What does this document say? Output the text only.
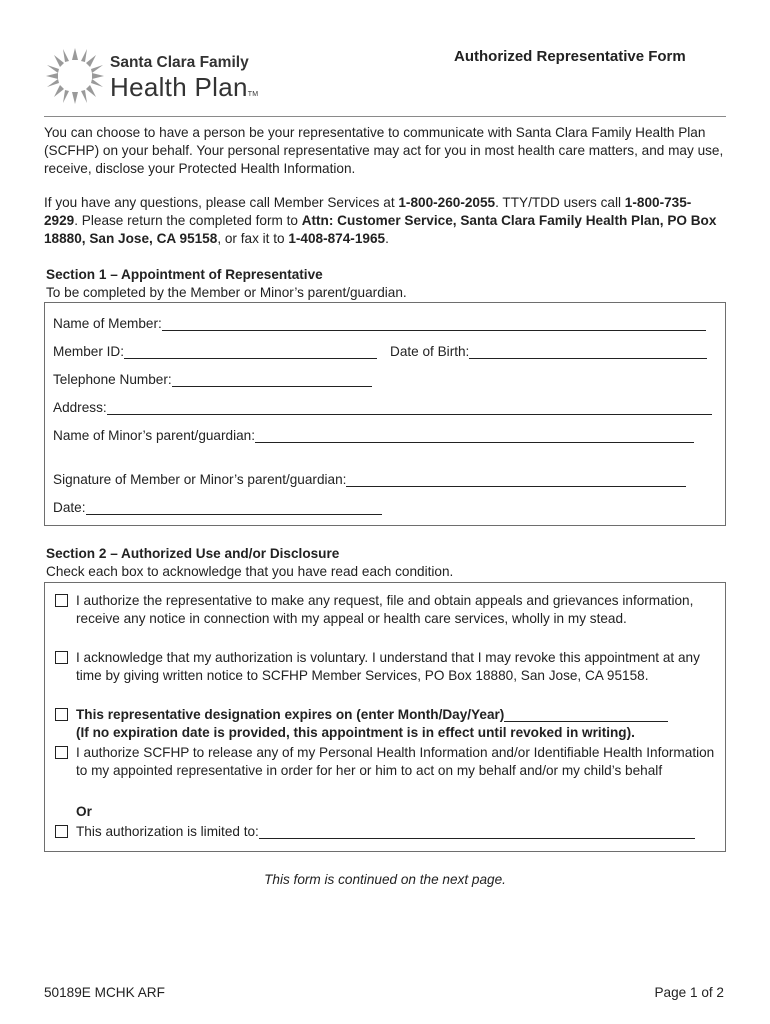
Santa Clara Family
Health PlanTM
Authorized Representative Form
You can choose to have a person be your representative to communicate with Santa Clara Family Health Plan (SCFHP) on your behalf. Your personal representative may act for you in most health care matters, and may use, receive, disclose your Protected Health Information.
If you have any questions, please call Member Services at 1-800-260-2055. TTY/TDD users call 1-800-735-2929. Please return the completed form to Attn: Customer Service, Santa Clara Family Health Plan, PO Box 18880, San Jose, CA 95158, or fax it to 1-408-874-1965.
Section 1 – Appointment of Representative
To be completed by the Member or Minor’s parent/guardian.
Name of Member:
Member ID:	Date of Birth:
Telephone Number:
Address:
Name of Minor’s parent/guardian:
Signature of Member or Minor’s parent/guardian:
Date:
Section 2 – Authorized Use and/or Disclosure
Check each box to acknowledge that you have read each condition.
I authorize the representative to make any request, file and obtain appeals and grievances information, receive any notice in connection with my appeal or health care services, wholly in my stead.
I acknowledge that my authorization is voluntary. I understand that I may revoke this appointment at any time by giving written notice to SCFHP Member Services, PO Box 18880, San Jose, CA 95158.
This representative designation expires on (enter Month/Day/Year)
(If no expiration date is provided, this appointment is in effect until revoked in writing).
I authorize SCFHP to release any of my Personal Health Information and/or Identifiable Health Information to my appointed representative in order for her or him to act on my behalf and/or my child’s behalf
Or
This authorization is limited to:
This form is continued on the next page.
50189E MCHK ARF	Page 1 of 2
